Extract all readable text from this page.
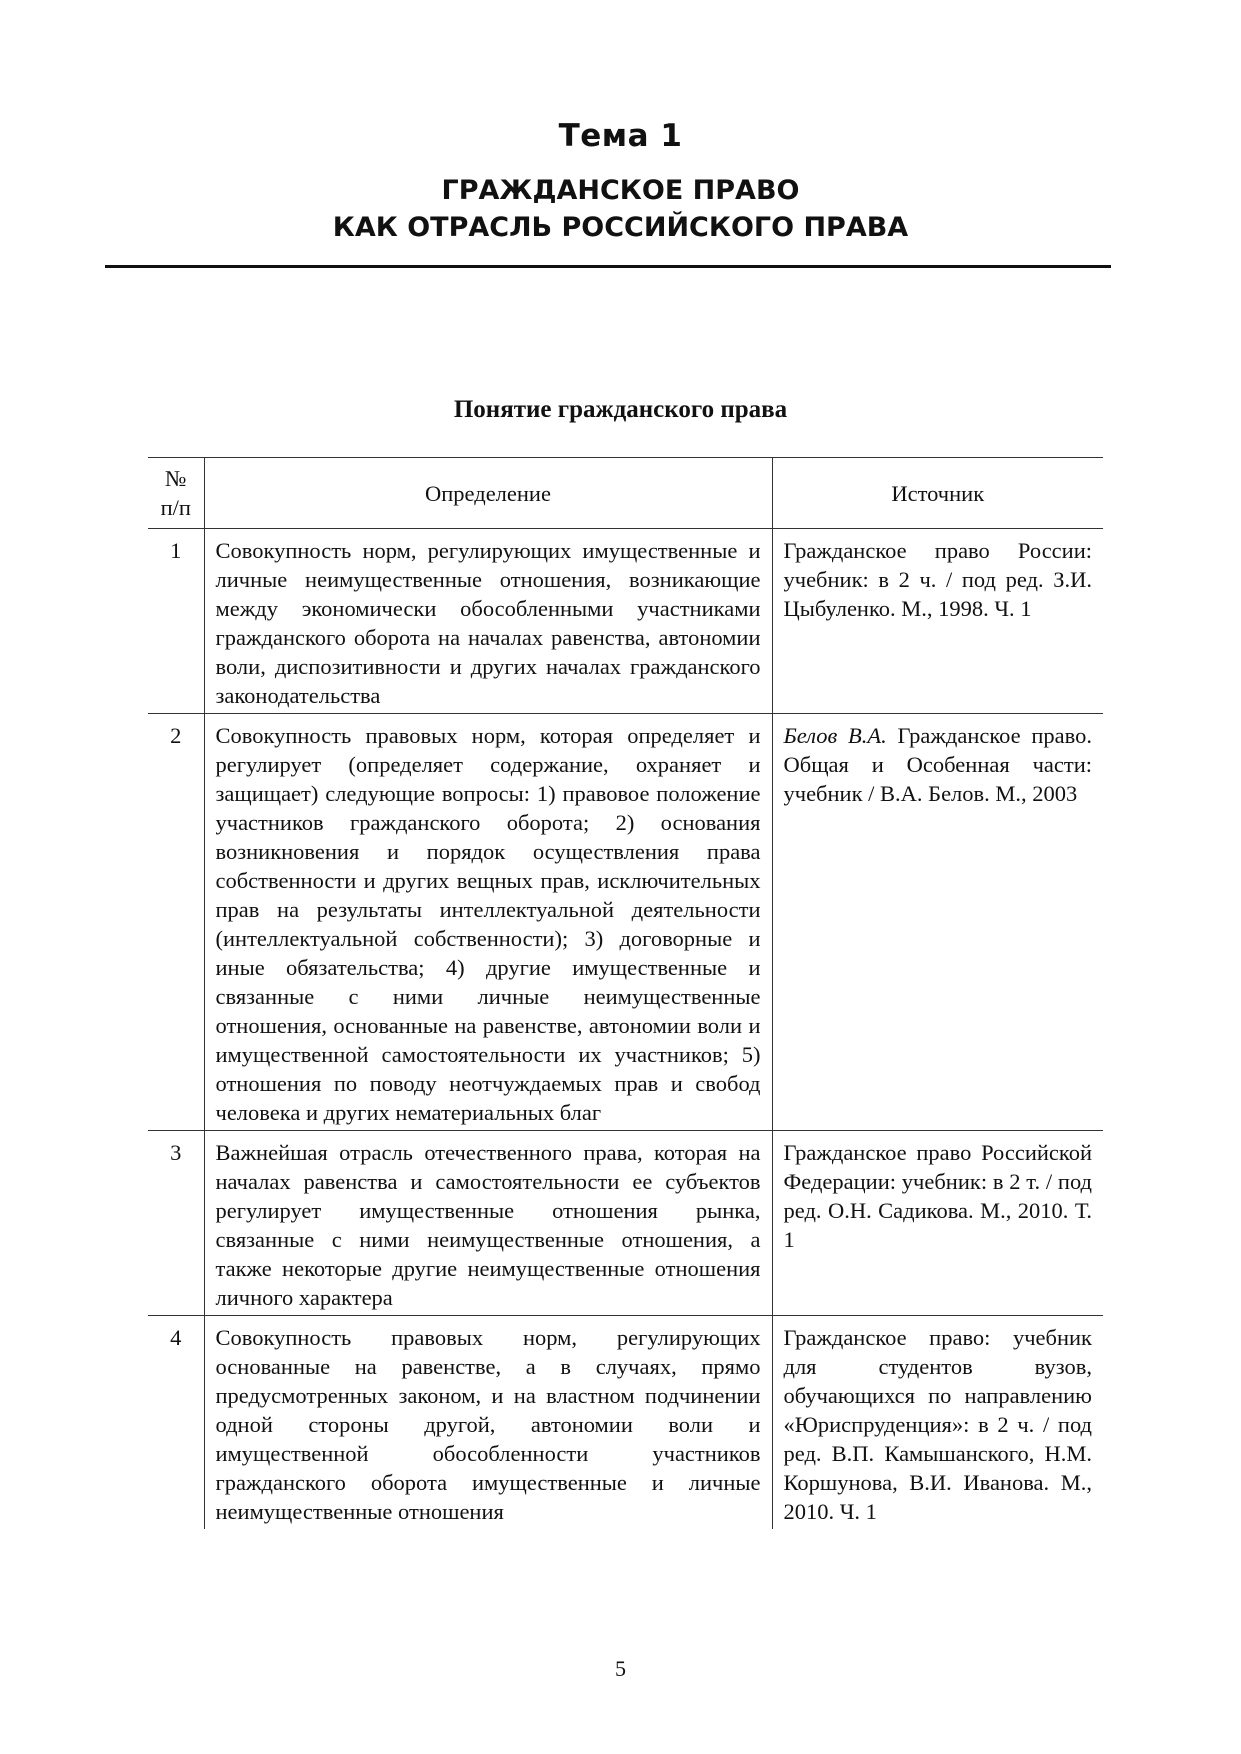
Тема 1
ГРАЖДАНСКОЕ ПРАВО
КАК ОТРАСЛЬ РОССИЙСКОГО ПРАВА
Понятие гражданского права
№
п/п	Определение	Источник
1	Совокупность норм, регулирующих имущественные и личные неимущественные отношения, возникающие между экономически обособленными участниками гражданского оборота на началах равенства, автономии воли, диспозитивности и других началах гражданского законодательства	Гражданское право России: учебник: в 2 ч. / под ред. З.И. Цыбуленко. М., 1998. Ч. 1
2	Совокупность правовых норм, которая определяет и регулирует (определяет содержание, охраняет и защищает) следующие вопросы: 1) правовое положение участников гражданского оборота; 2) основания возникновения и порядок осуществления права собственности и других вещных прав, исключительных прав на результаты интеллектуальной деятельности (интеллектуальной собственности); 3) договорные и иные обязательства; 4) другие имущественные и связанные с ними личные неимущественные отношения, основанные на равенстве, автономии воли и имущественной самостоятельности их участников; 5) отношения по поводу неотчуждаемых прав и свобод человека и других нематериальных благ	Белов В.А. Гражданское право. Общая и Особенная части: учебник / В.А. Белов. М., 2003
3	Важнейшая отрасль отечественного права, которая на началах равенства и самостоятельности ее субъектов регулирует имущественные отношения рынка, связанные с ними неимущественные отношения, а также некоторые другие неимущественные отношения личного характера	Гражданское право Российской Федерации: учебник: в 2 т. / под ред. О.Н. Садикова. М., 2010. Т. 1
4	Совокупность правовых норм, регулирующих основанные на равенстве, а в случаях, прямо предусмотренных законом, и на властном подчинении одной стороны другой, автономии воли и имущественной обособленности участников гражданского оборота имущественные и личные неимущественные отношения	Гражданское право: учебник для студентов вузов, обучающихся по направлению «Юриспруденция»: в 2 ч. / под ред. В.П. Камышанского, Н.М. Коршунова, В.И. Иванова. М., 2010. Ч. 1
5
